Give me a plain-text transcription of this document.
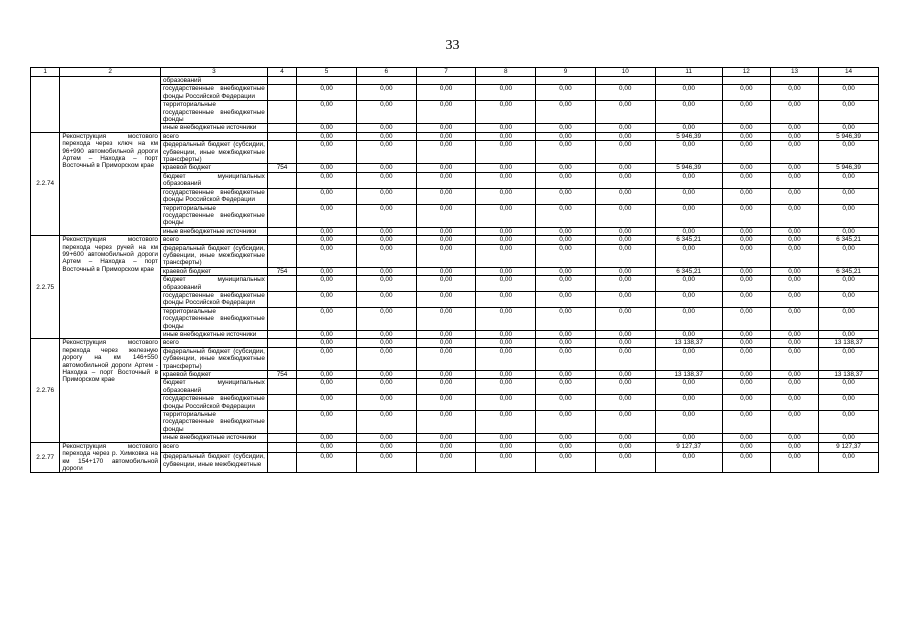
33
1	2	3	4	5	6	7	8	9	10	11	12	13	14
		образований											
		государственные внебюджетные фонды Российской Федерации		0,00	0,00	0,00	0,00	0,00	0,00	0,00	0,00	0,00	0,00
		территориальные государственные внебюджетные фонды		0,00	0,00	0,00	0,00	0,00	0,00	0,00	0,00	0,00	0,00
		иные внебюджетные источники		0,00	0,00	0,00	0,00	0,00	0,00	0,00	0,00	0,00	0,00
2.2.74	Реконструкция мостового перехода через ключ на км 96+990 автомобильной дороги Артем – Находка – порт Восточный в Приморском крае	всего		0,00	0,00	0,00	0,00	0,00	0,00	5 946,39	0,00	0,00	5 946,39
		федеральный бюджет (субсидии, субвенции, иные межбюджетные трансферты)		0,00	0,00	0,00	0,00	0,00	0,00	0,00	0,00	0,00	0,00
		краевой бюджет	754	0,00	0,00	0,00	0,00	0,00	0,00	5 946,39	0,00	0,00	5 946,39
		бюджет муниципальных образований		0,00	0,00	0,00	0,00	0,00	0,00	0,00	0,00	0,00	0,00
		государственные внебюджетные фонды Российской Федерации		0,00	0,00	0,00	0,00	0,00	0,00	0,00	0,00	0,00	0,00
		территориальные государственные внебюджетные фонды		0,00	0,00	0,00	0,00	0,00	0,00	0,00	0,00	0,00	0,00
		иные внебюджетные источники		0,00	0,00	0,00	0,00	0,00	0,00	0,00	0,00	0,00	0,00
2.2.75	Реконструкция мостового перехода через ручей на км 99+600 автомобильной дороги Артем – Находка – порт Восточный в Приморском крае	всего		0,00	0,00	0,00	0,00	0,00	0,00	6 345,21	0,00	0,00	6 345,21
		федеральный бюджет (субсидии, субвенции, иные межбюджетные трансферты)		0,00	0,00	0,00	0,00	0,00	0,00	0,00	0,00	0,00	0,00
		краевой бюджет	754	0,00	0,00	0,00	0,00	0,00	0,00	6 345,21	0,00	0,00	6 345,21
		бюджет муниципальных образований		0,00	0,00	0,00	0,00	0,00	0,00	0,00	0,00	0,00	0,00
		государственные внебюджетные фонды Российской Федерации		0,00	0,00	0,00	0,00	0,00	0,00	0,00	0,00	0,00	0,00
		территориальные государственные внебюджетные фонды		0,00	0,00	0,00	0,00	0,00	0,00	0,00	0,00	0,00	0,00
		иные внебюджетные источники		0,00	0,00	0,00	0,00	0,00	0,00	0,00	0,00	0,00	0,00
2.2.76	Реконструкция мостового перехода через железную дорогу на км 146+550 автомобильной дороги Артем - Находка – порт Восточный в Приморском крае	всего		0,00	0,00	0,00	0,00	0,00	0,00	13 138,37	0,00	0,00	13 138,37
		федеральный бюджет (субсидии, субвенции, иные межбюджетные трансферты)		0,00	0,00	0,00	0,00	0,00	0,00	0,00	0,00	0,00	0,00
		краевой бюджет	754	0,00	0,00	0,00	0,00	0,00	0,00	13 138,37	0,00	0,00	13 138,37
		бюджет муниципальных образований		0,00	0,00	0,00	0,00	0,00	0,00	0,00	0,00	0,00	0,00
		государственные внебюджетные фонды Российской Федерации		0,00	0,00	0,00	0,00	0,00	0,00	0,00	0,00	0,00	0,00
		территориальные государственные внебюджетные фонды		0,00	0,00	0,00	0,00	0,00	0,00	0,00	0,00	0,00	0,00
		иные внебюджетные источники		0,00	0,00	0,00	0,00	0,00	0,00	0,00	0,00	0,00	0,00
2.2.77	Реконструкция мостового перехода через р. Химковка на км 154+170 автомобильной дороги	всего		0,00	0,00	0,00	0,00	0,00	0,00	9 127,37	0,00	0,00	9 127,37
		федеральный бюджет (субсидии, субвенции, иные межбюджетные		0,00	0,00	0,00	0,00	0,00	0,00	0,00	0,00	0,00	0,00
